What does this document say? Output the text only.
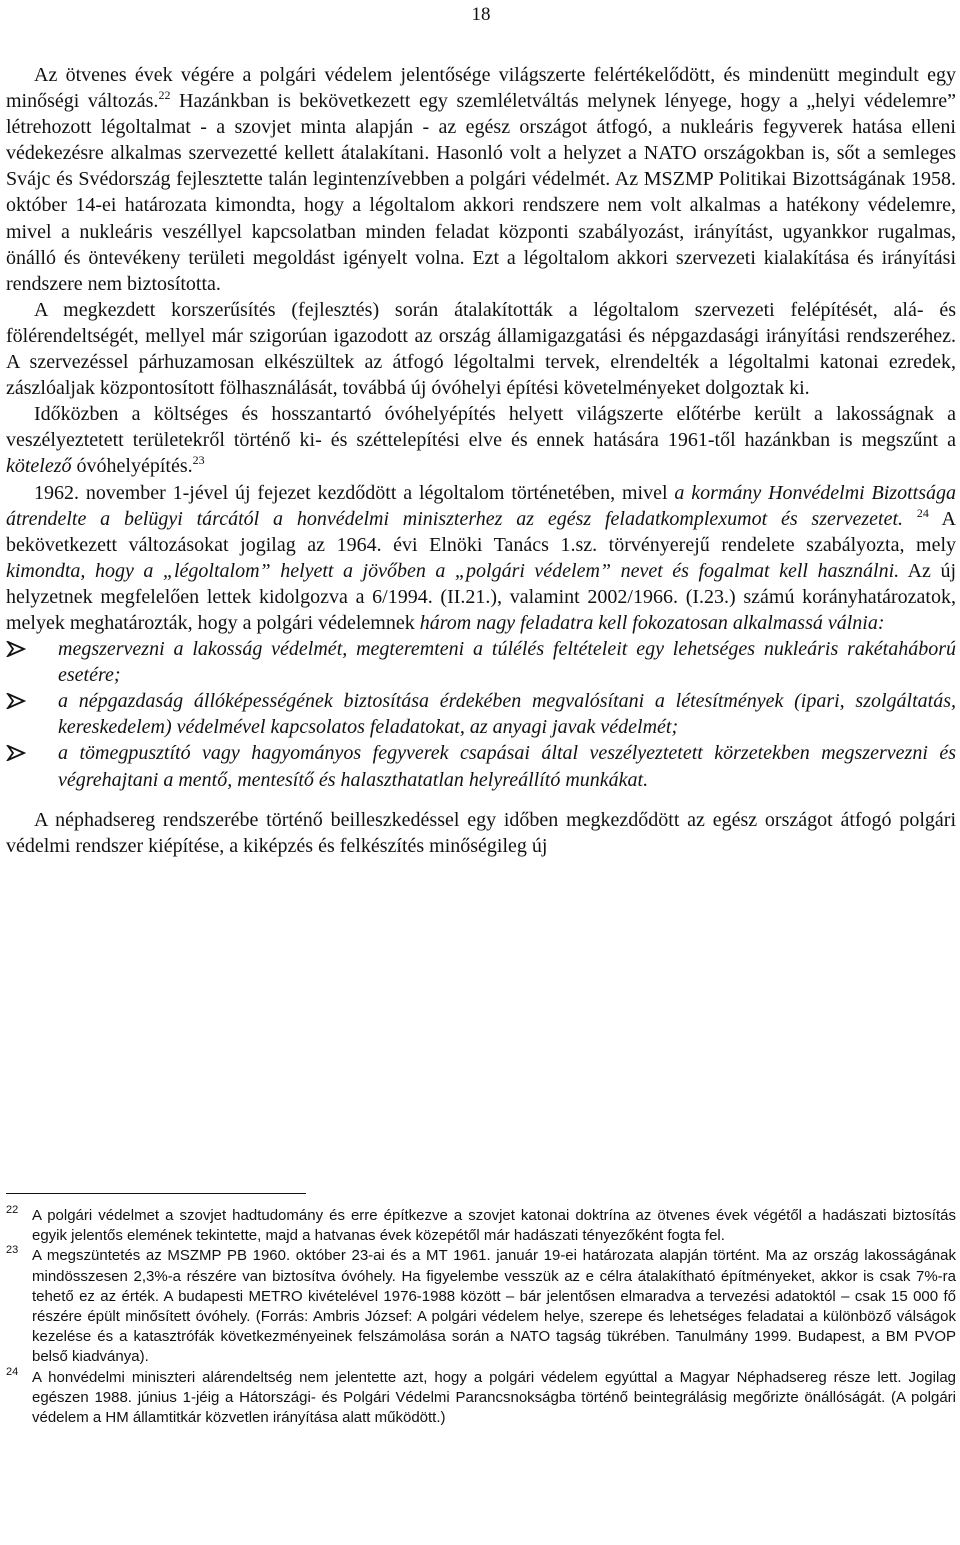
18

Az ötvenes évek végére a polgári védelem jelentősége világszerte felértékelődött, és mindenütt megindult egy minőségi változás.$^{22}$ Hazánkban is bekövetkezett egy szemléletváltás melynek lényege, hogy a „helyi védelemre” létrehozott légoltalmat - a szovjet minta alapján - az egész országot átfogó, a nukleáris fegyverek hatása elleni védekezésre alkalmas szervezetté kellett átalakítani. Hasonló volt a helyzet a NATO országokban is, sőt a semleges Svájc és Svédország fejlesztette talán legintenzívebben a polgári védelmét. Az MSZMP Politikai Bizottságának 1958. október 14-ei határozata kimondta, hogy a légoltalom akkori rendszere nem volt alkalmas a hatékony védelemre, mivel a nukleáris veszéllyel kapcsolatban minden feladat központi szabályozást, irányítást, ugyankkor rugalmas, önálló és öntevékeny területi megoldást igényelt volna. Ezt a légoltalom akkori szervezeti kialakítása és irányítási rendszere nem biztosította.

A megkezdett korszerűsítés (fejlesztés) során átalakították a légoltalom szervezeti felépítését, alá- és fölérendeltségét, mellyel már szigorúan igazodott az ország államigazgatási és népgazdasági irányítási rendszeréhez. A szervezéssel párhuzamosan elkészültek az átfogó légoltalmi tervek, elrendelték a légoltalmi katonai ezredek, zászlóaljak központosított fölhasználását, továbbá új óvóhelyi építési követelményeket dolgoztak ki.

Időközben a költséges és hosszantartó óvóhelyépítés helyett világszerte előtérbe került a lakosságnak a veszélyeztetett területekről történő ki- és széttelepítési elve és ennek hatására 1961-től hazánkban is megszűnt a kötelező óvóhelyépítés.$^{23}$

1962. november 1-jével új fejezet kezdődött a légoltalom történetében, mivel a kormány Honvédelmi Bizottsága átrendelte a belügyi tárcától a honvédelmi miniszterhez az egész feladatkomplexumot és szervezetet. $^{24}$ A bekövetkezett változásokat jogilag az 1964. évi Elnöki Tanács 1.sz. törvényerejű rendelete szabályozta, mely kimondta, hogy a „légoltalom” helyett a jövőben a „polgári védelem” nevet és fogalmat kell használni. Az új helyzetnek megfelelően lettek kidolgozva a 6/1994. (II.21.), valamint 2002/1966. (I.23.) számú korányhatározatok, melyek meghatározták, hogy a polgári védelemnek három nagy feladatra kell fokozatosan alkalmassá válnia:

megszervezni a lakosság védelmét, megteremteni a túlélés feltételeit egy lehetséges nukleáris rakétaháború esetére;
a népgazdaság állóképességének biztosítása érdekében megvalósítani a létesítmények (ipari, szolgáltatás, kereskedelem) védelmével kapcsolatos feladatokat, az anyagi javak védelmét;
a tömegpusztító vagy hagyományos fegyverek csapásai által veszélyeztetett körzetekben megszervezni és végrehajtani a mentő, mentesítő és halaszthatatlan helyreállító munkákat.

A néphadsereg rendszerébe történő beilleszkedéssel egy időben megkezdődött az egész országot átfogó polgári védelmi rendszer kiépítése, a kiképzés és felkészítés minőségileg új

22 A polgári védelmet a szovjet hadtudomány és erre építkezve a szovjet katonai doktrína az ötvenes évek végétől a hadászati biztosítás egyik jelentős elemének tekintette, majd a hatvanas évek közepétől már hadászati tényezőként fogta fel.

23 A megszüntetés az MSZMP PB 1960. október 23-ai és a MT 1961. január 19-ei határozata alapján történt. Ma az ország lakosságának mindösszesen 2,3%-a részére van biztosítva óvóhely. Ha figyelembe vesszük az e célra átalakítható építményeket, akkor is csak 7%-ra tehető ez az érték. A budapesti METRO kivételével 1976-1988 között – bár jelentősen elmaradva a tervezési adatoktól – csak 15 000 fő részére épült minősített óvóhely. (Forrás: Ambris József: A polgári védelem helye, szerepe és lehetséges feladatai a különböző válságok kezelése és a katasztrófák következményeinek felszámolása során a NATO tagság tükrében. Tanulmány 1999. Budapest, a BM PVOP belső kiadványa).

24 A honvédelmi miniszteri alárendeltség nem jelentette azt, hogy a polgári védelem egyúttal a Magyar Néphadsereg része lett. Jogilag egészen 1988. június 1-jéig a Hátországi- és Polgári Védelmi Parancsnokságba történő beintegrálásig megőrizte önállóságát. (A polgári védelem a HM államtitkár közvetlen irányítása alatt működött.)
